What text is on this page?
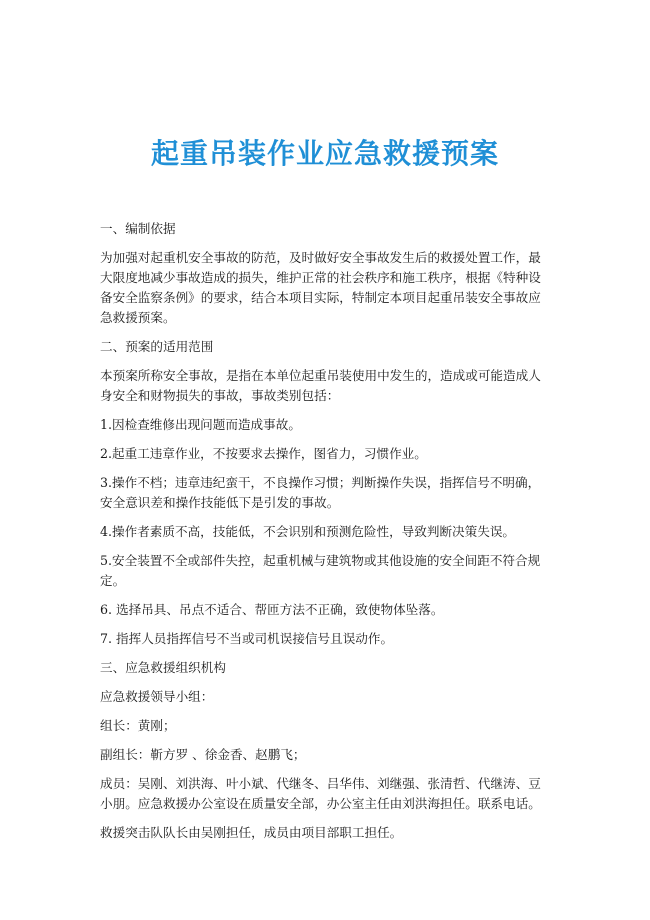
起重吊装作业应急救援预案

一、编制依据

为加强对起重机安全事故的防范，及时做好安全事故发生后的救援处置工作，最大限度地减少事故造成的损失，维护正常的社会秩序和施工秩序，根据《特种设备安全监察条例》的要求，结合本项目实际，特制定本项目起重吊装安全事故应急救援预案。

二、预案的适用范围

本预案所称安全事故，是指在本单位起重吊装使用中发生的，造成或可能造成人身安全和财物损失的事故，事故类别包括：

1.因检查维修出现问题而造成事故。

2.起重工违章作业，不按要求去操作，图省力，习惯作业。

3.操作不档；违章违纪蛮干，不良操作习惯；判断操作失误，指挥信号不明确，安全意识差和操作技能低下是引发的事故。

4.操作者素质不高，技能低，不会识别和预测危险性，导致判断决策失误。

5.安全装置不全或部件失控，起重机械与建筑物或其他设施的安全间距不符合规定。

6. 选择吊具、吊点不适合、帮匝方法不正确，致使物体坠落。

7. 指挥人员指挥信号不当或司机误接信号且误动作。

三、应急救援组织机构

应急救援领导小组：

组长：黄刚；

副组长：靳方罗 、徐金香、赵鹏飞；

成员：吴刚、刘洪海、叶小斌、代继冬、吕华伟、刘继强、张清哲、代继涛、豆小朋。应急救援办公室设在质量安全部，办公室主任由刘洪海担任。联系电话。

救援突击队队长由吴刚担任，成员由项目部职工担任。
